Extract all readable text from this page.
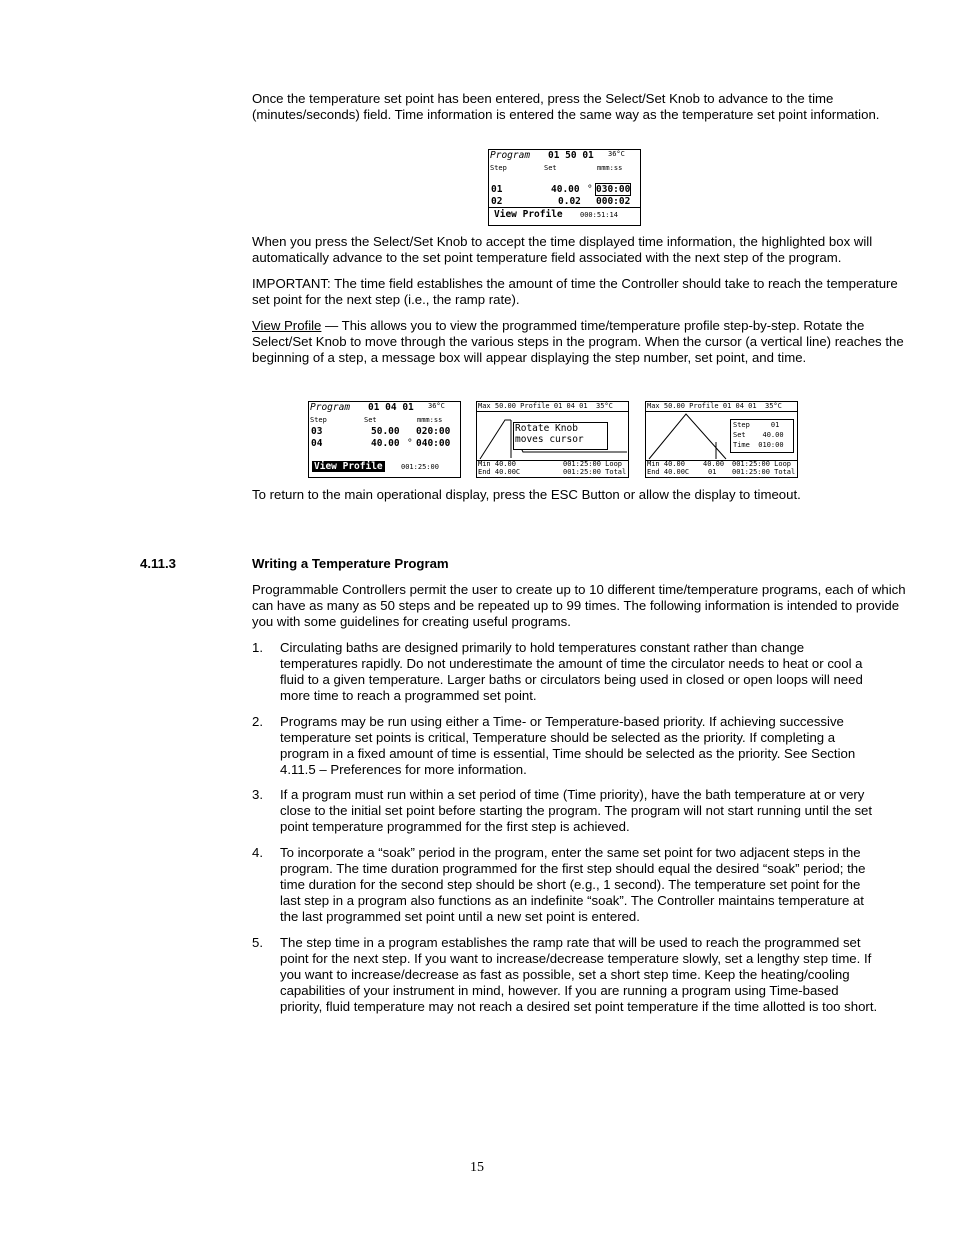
Once the temperature set point has been entered, press the Select/Set Knob to advance to the time (minutes/seconds) field. Time information is entered the same way as the temperature set point information.

Program 01 50 01 36°C
Step	Set	mmm:ss
01	40.00 ° 030:00
02	0.02 000:02
View Profile 000:51:14

When you press the Select/Set Knob to accept the time displayed time information, the highlighted box will automatically advance to the set point temperature field associated with the next step of the program.

IMPORTANT: The time field establishes the amount of time the Controller should take to reach the temperature set point for the next step (i.e., the ramp rate).

View Profile — This allows you to view the programmed time/temperature profile step-by-step. Rotate the Select/Set Knob to move through the various steps in the program. When the cursor (a vertical line) reaches the beginning of a step, a message box will appear displaying the step number, set point, and time.

Program 01 04 01 36°C
Step	Set	mmm:ss
03	50.00 020:00
04	40.00 ° 040:00
View Profile	001:25:00
Max 50.00 Profile 01 04 01 35°C
Rotate Knob
moves cursor
Min 40.00
End 40.00C
001:25:00 Loop
001:25:00 Total
Max 50.00 Profile 01 04 01 35°C
Step     01
Set    40.00
Time  010:00
Min 40.00
End 40.00C
40.00
01
001:25:00 Loop
001:25:00 Total

To return to the main operational display, press the ESC Button or allow the display to timeout.

4.11.3	Writing a Temperature Program

Programmable Controllers permit the user to create up to 10 different time/temperature programs, each of which can have as many as 50 steps and be repeated up to 99 times. The following information is intended to provide you with some guidelines for creating useful programs.

1. Circulating baths are designed primarily to hold temperatures constant rather than change temperatures rapidly. Do not underestimate the amount of time the circulator needs to heat or cool a fluid to a given temperature. Larger baths or circulators being used in closed or open loops will need more time to reach a programmed set point.
2. Programs may be run using either a Time- or Temperature-based priority. If achieving successive temperature set points is critical, Temperature should be selected as the priority. If completing a program in a fixed amount of time is essential, Time should be selected as the priority. See Section 4.11.5 – Preferences for more information.
3. If a program must run within a set period of time (Time priority), have the bath temperature at or very close to the initial set point before starting the program. The program will not start running until the set point temperature programmed for the first step is achieved.
4. To incorporate a “soak” period in the program, enter the same set point for two adjacent steps in the program. The time duration programmed for the first step should equal the desired “soak” period; the time duration for the second step should be short (e.g., 1 second). The temperature set point for the last step in a program also functions as an indefinite “soak”. The Controller maintains temperature at the last programmed set point until a new set point is entered.
5. The step time in a program establishes the ramp rate that will be used to reach the programmed set point for the next step. If you want to increase/decrease temperature slowly, set a lengthy step time. If you want to increase/decrease as fast as possible, set a short step time. Keep the heating/cooling capabilities of your instrument in mind, however. If you are running a program using Time-based priority, fluid temperature may not reach a desired set point temperature if the time allotted is too short.
15
